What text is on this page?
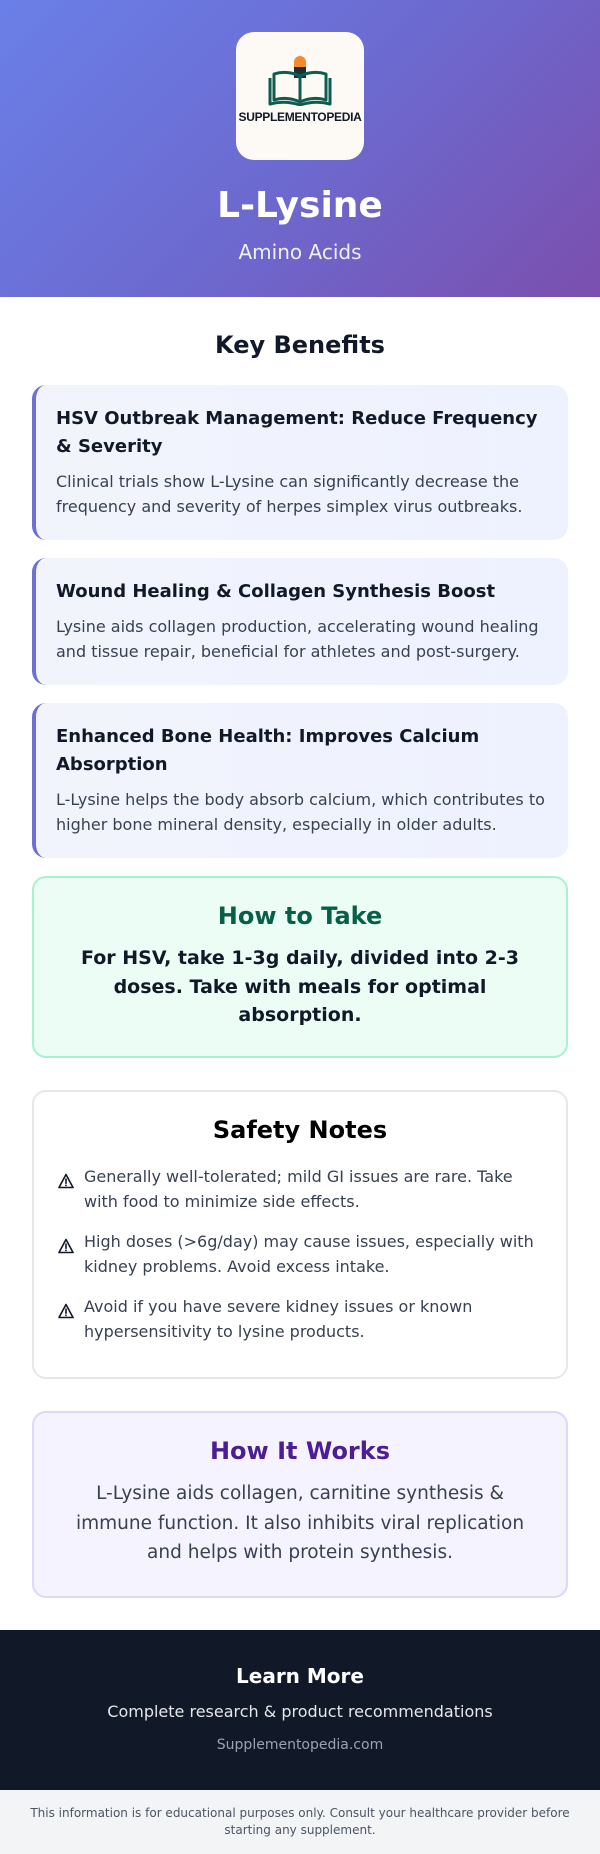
SUPPLEMENTOPEDIA
L-Lysine
Amino Acids
Key Benefits
HSV Outbreak Management: Reduce Frequency & Severity

Clinical trials show L-Lysine can significantly decrease the frequency and severity of herpes simplex virus outbreaks.

Wound Healing & Collagen Synthesis Boost

Lysine aids collagen production, accelerating wound healing and tissue repair, beneficial for athletes and post-surgery.

Enhanced Bone Health: Improves Calcium Absorption

L-Lysine helps the body absorb calcium, which contributes to higher bone mineral density, especially in older adults.

How to Take

For HSV, take 1-3g daily, divided into 2-3 doses. Take with meals for optimal absorption.

Safety Notes

Generally well-tolerated; mild GI issues are rare. Take with food to minimize side effects.

High doses (>6g/day) may cause issues, especially with kidney problems. Avoid excess intake.

Avoid if you have severe kidney issues or known hypersensitivity to lysine products.

How It Works

L-Lysine aids collagen, carnitine synthesis & immune function. It also inhibits viral replication and helps with protein synthesis.

Learn More
Complete research & product recommendations
Supplementopedia.com
This information is for educational purposes only. Consult your healthcare provider before starting any supplement.
